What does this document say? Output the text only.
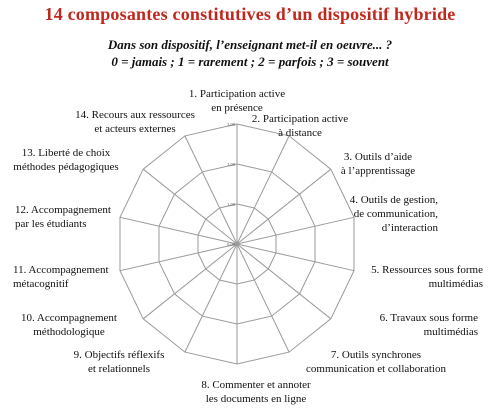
14 composantes constitutives d’un dispositif hybride
Dans son dispositif, l’enseignant met-il en oeuvre... ?
0 = jamais ; 1 = rarement ; 2 = parfois ; 3 = souvent
0,00
1,00
2,00
3,00
1. Participation active en présence
2. Participation active à distance
3. Outils d’aide à l’apprentissage
4. Outils de gestion, de communication, d’interaction
5. Ressources sous forme multimédias
6. Travaux sous forme multimédias
7. Outils synchrones communication et collaboration
8. Commenter et annoter les documents en ligne
9. Objectifs réflexifs et relationnels
10. Accompagnement méthodologique
11. Accompagnement métacognitif
12. Accompagnement par les étudiants
13. Liberté de choix méthodes pédagogiques
14. Recours aux ressources et acteurs externes
